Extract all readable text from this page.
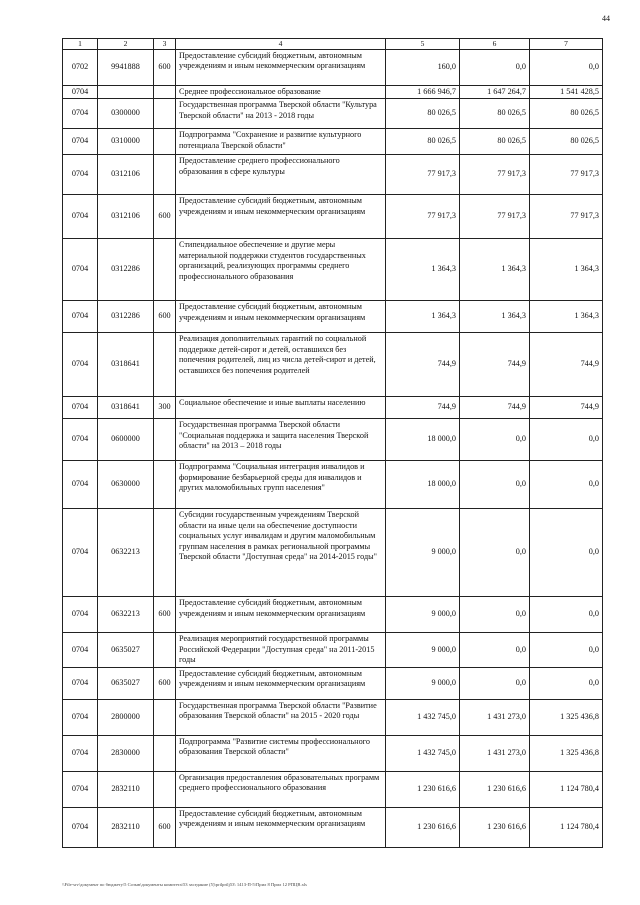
44
1	2	3	4	5	6	7
0702	9941888	600	Предоставление субсидий бюджетным, автономным учреждениям и иным некоммерческим организациям	160,0	0,0	0,0
0704			Среднее профессиональное образование	1 666 946,7	1 647 264,7	1 541 428,5
0704	0300000		Государственная программа Тверской области "Культура Тверской области" на 2013 - 2018 годы	80 026,5	80 026,5	80 026,5
0704	0310000		Подпрограмма "Сохранение и развитие культурного потенциала Тверской области"	80 026,5	80 026,5	80 026,5
0704	0312106		Предоставление среднего профессионального образования в сфере культуры	77 917,3	77 917,3	77 917,3
0704	0312106	600	Предоставление субсидий бюджетным, автономным учреждениям и иным некоммерческим организациям	77 917,3	77 917,3	77 917,3
0704	0312286		Стипендиальное обеспечение и другие меры материальной поддержки студентов государственных организаций, реализующих программы среднего профессионального образования	1 364,3	1 364,3	1 364,3
0704	0312286	600	Предоставление субсидий бюджетным, автономным учреждениям и иным некоммерческим организациям	1 364,3	1 364,3	1 364,3
0704	0318641		Реализация дополнительных гарантий по социальной поддержке детей-сирот и детей, оставшихся без попечения родителей, лиц из числа детей-сирот и детей, оставшихся без попечения родителей	744,9	744,9	744,9
0704	0318641	300	Социальное обеспечение и иные выплаты населению	744,9	744,9	744,9
0704	0600000		Государственная программа Тверской области "Социальная поддержка и защита населения Тверской области" на 2013 – 2018 годы	18 000,0	0,0	0,0
0704	0630000		Подпрограмма "Социальная интеграция инвалидов и формирование безбарьерной среды для инвалидов и других маломобильных групп населения"	18 000,0	0,0	0,0
0704	0632213		Субсидии государственным учреждениям Тверской области на иные цели на обеспечение доступности социальных услуг инвалидам и другим маломобильным группам населения в рамках региональной программы Тверской области "Доступная среда" на 2014-2015 годы"	9 000,0	0,0	0,0
0704	0632213	600	Предоставление субсидий бюджетным, автономным учреждениям и иным некоммерческим организациям	9 000,0	0,0	0,0
0704	0635027		Реализация мероприятий государственной программы Российской Федерации "Доступная среда" на 2011-2015 годы	9 000,0	0,0	0,0
0704	0635027	600	Предоставление субсидий бюджетным, автономным учреждениям и иным некоммерческим организациям	9 000,0	0,0	0,0
0704	2800000		Государственная программа Тверской области "Развитие образования Тверской области" на 2015 - 2020 годы	1 432 745,0	1 431 273,0	1 325 436,8
0704	2830000		Подпрограмма "Развитие системы профессионального образования Тверской области"	1 432 745,0	1 431 273,0	1 325 436,8
0704	2832110		Организация предоставления образовательных программ среднего профессионального образования	1 230 616,6	1 230 616,6	1 124 780,4
0704	2832110	600	Предоставление субсидий бюджетным, автономным учреждениям и иным некоммерческим организациям	1 230 616,6	1 230 616,6	1 124 780,4
\\File-srv\документ по бюджету\5 Созыв\документы комитета\53 заседание (5)\prilprilj53\ 1413-П-5\Прил 8 Прил 12 РПЦВ.xls
